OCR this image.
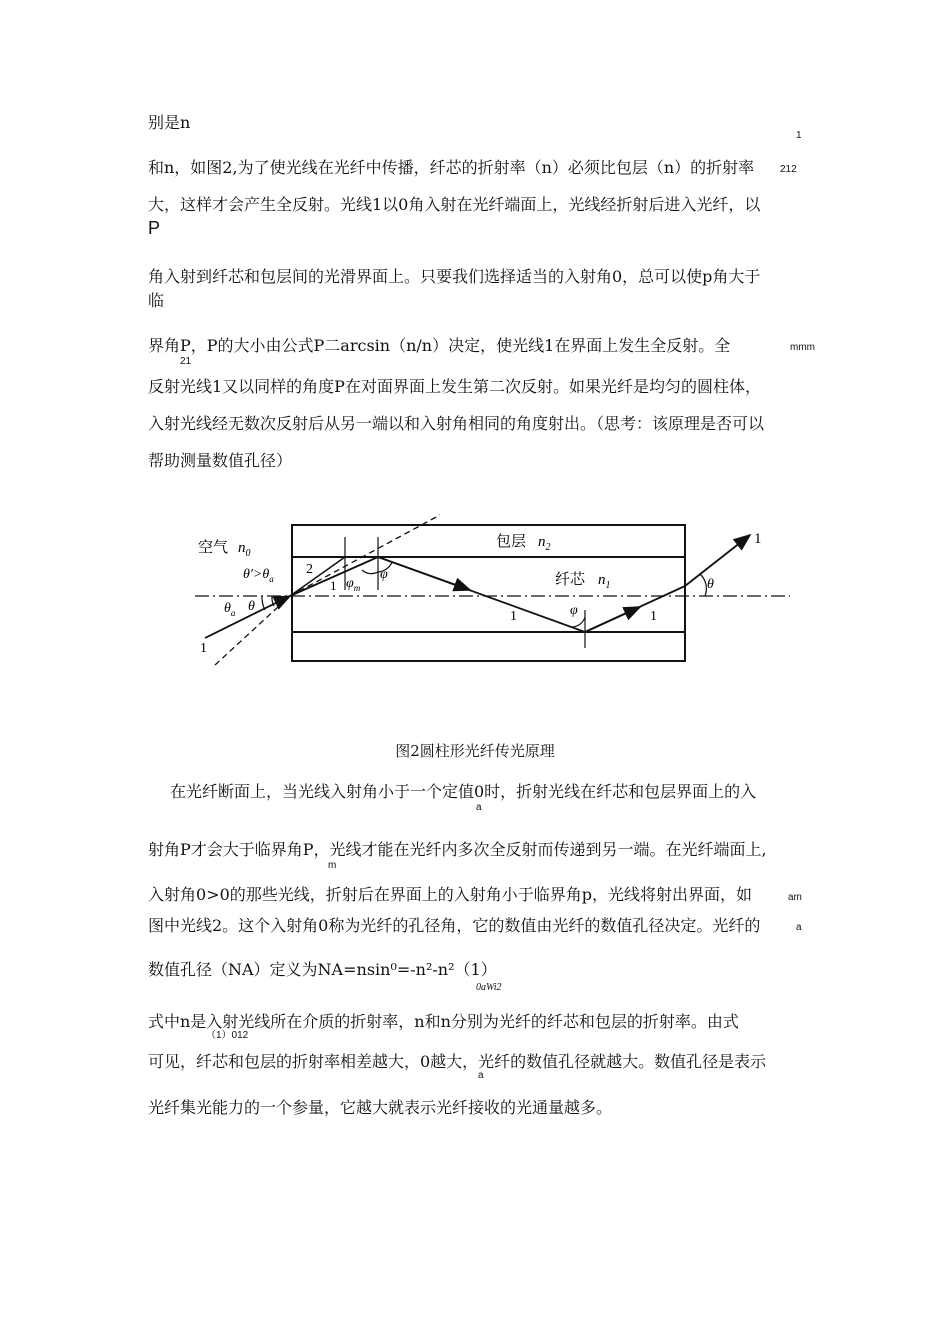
别是n
1
和n，如图2,为了使光线在光纤中传播，纤芯的折射率（n）必须比包层（n）的折射率	212
大，这样才会产生全反射。光线1以0角入射在光纤端面上，光线经折射后进入光纤，以
P
角入射到纤芯和包层间的光滑界面上。只要我们选择适当的入射角0，总可以使p角大于
临
界角P，P的大小由公式P二arcsin（n/n）决定，使光线1在界面上发生全反射。全
21
mmm
反射光线1又以同样的角度P在对面界面上发生第二次反射。如果光纤是均匀的圆柱体，
入射光线经无数次反射后从另一端以和入射角相同的角度射出。（思考：该原理是否可以
帮助测量数值孔径）
空气 $n_0$
$\theta'>\theta_a$
$\theta_a$ θ
2
1 $\varphi_m$
φ
包层 $n_2$
纤芯 $n_1$
1	φ	1
θ
1
1
图2圆柱形光纤传光原理
在光纤断面上，当光线入射角小于一个定值0时，折射光线在纤芯和包层界面上的入
a
射角P才会大于临界角P，光线才能在光纤内多次全反射而传递到另一端。在光纤端面上,
m
入射角0>0的那些光线，折射后在界面上的入射角小于临界角p，光线将射出界面，如	am
图中光线2。这个入射角0称为光纤的孔径角，它的数值由光纤的数值孔径决定。光纤的	a
数值孔径（NA）定义为NA=nsin⁰=-n²-n²（1）
0aWi2
式中n是入射光线所在介质的折射率，n和n分别为光纤的纤芯和包层的折射率。由式
（1）012
可见，纤芯和包层的折射率相差越大，0越大，光纤的数值孔径就越大。数值孔径是表示
a
光纤集光能力的一个参量，它越大就表示光纤接收的光通量越多。
